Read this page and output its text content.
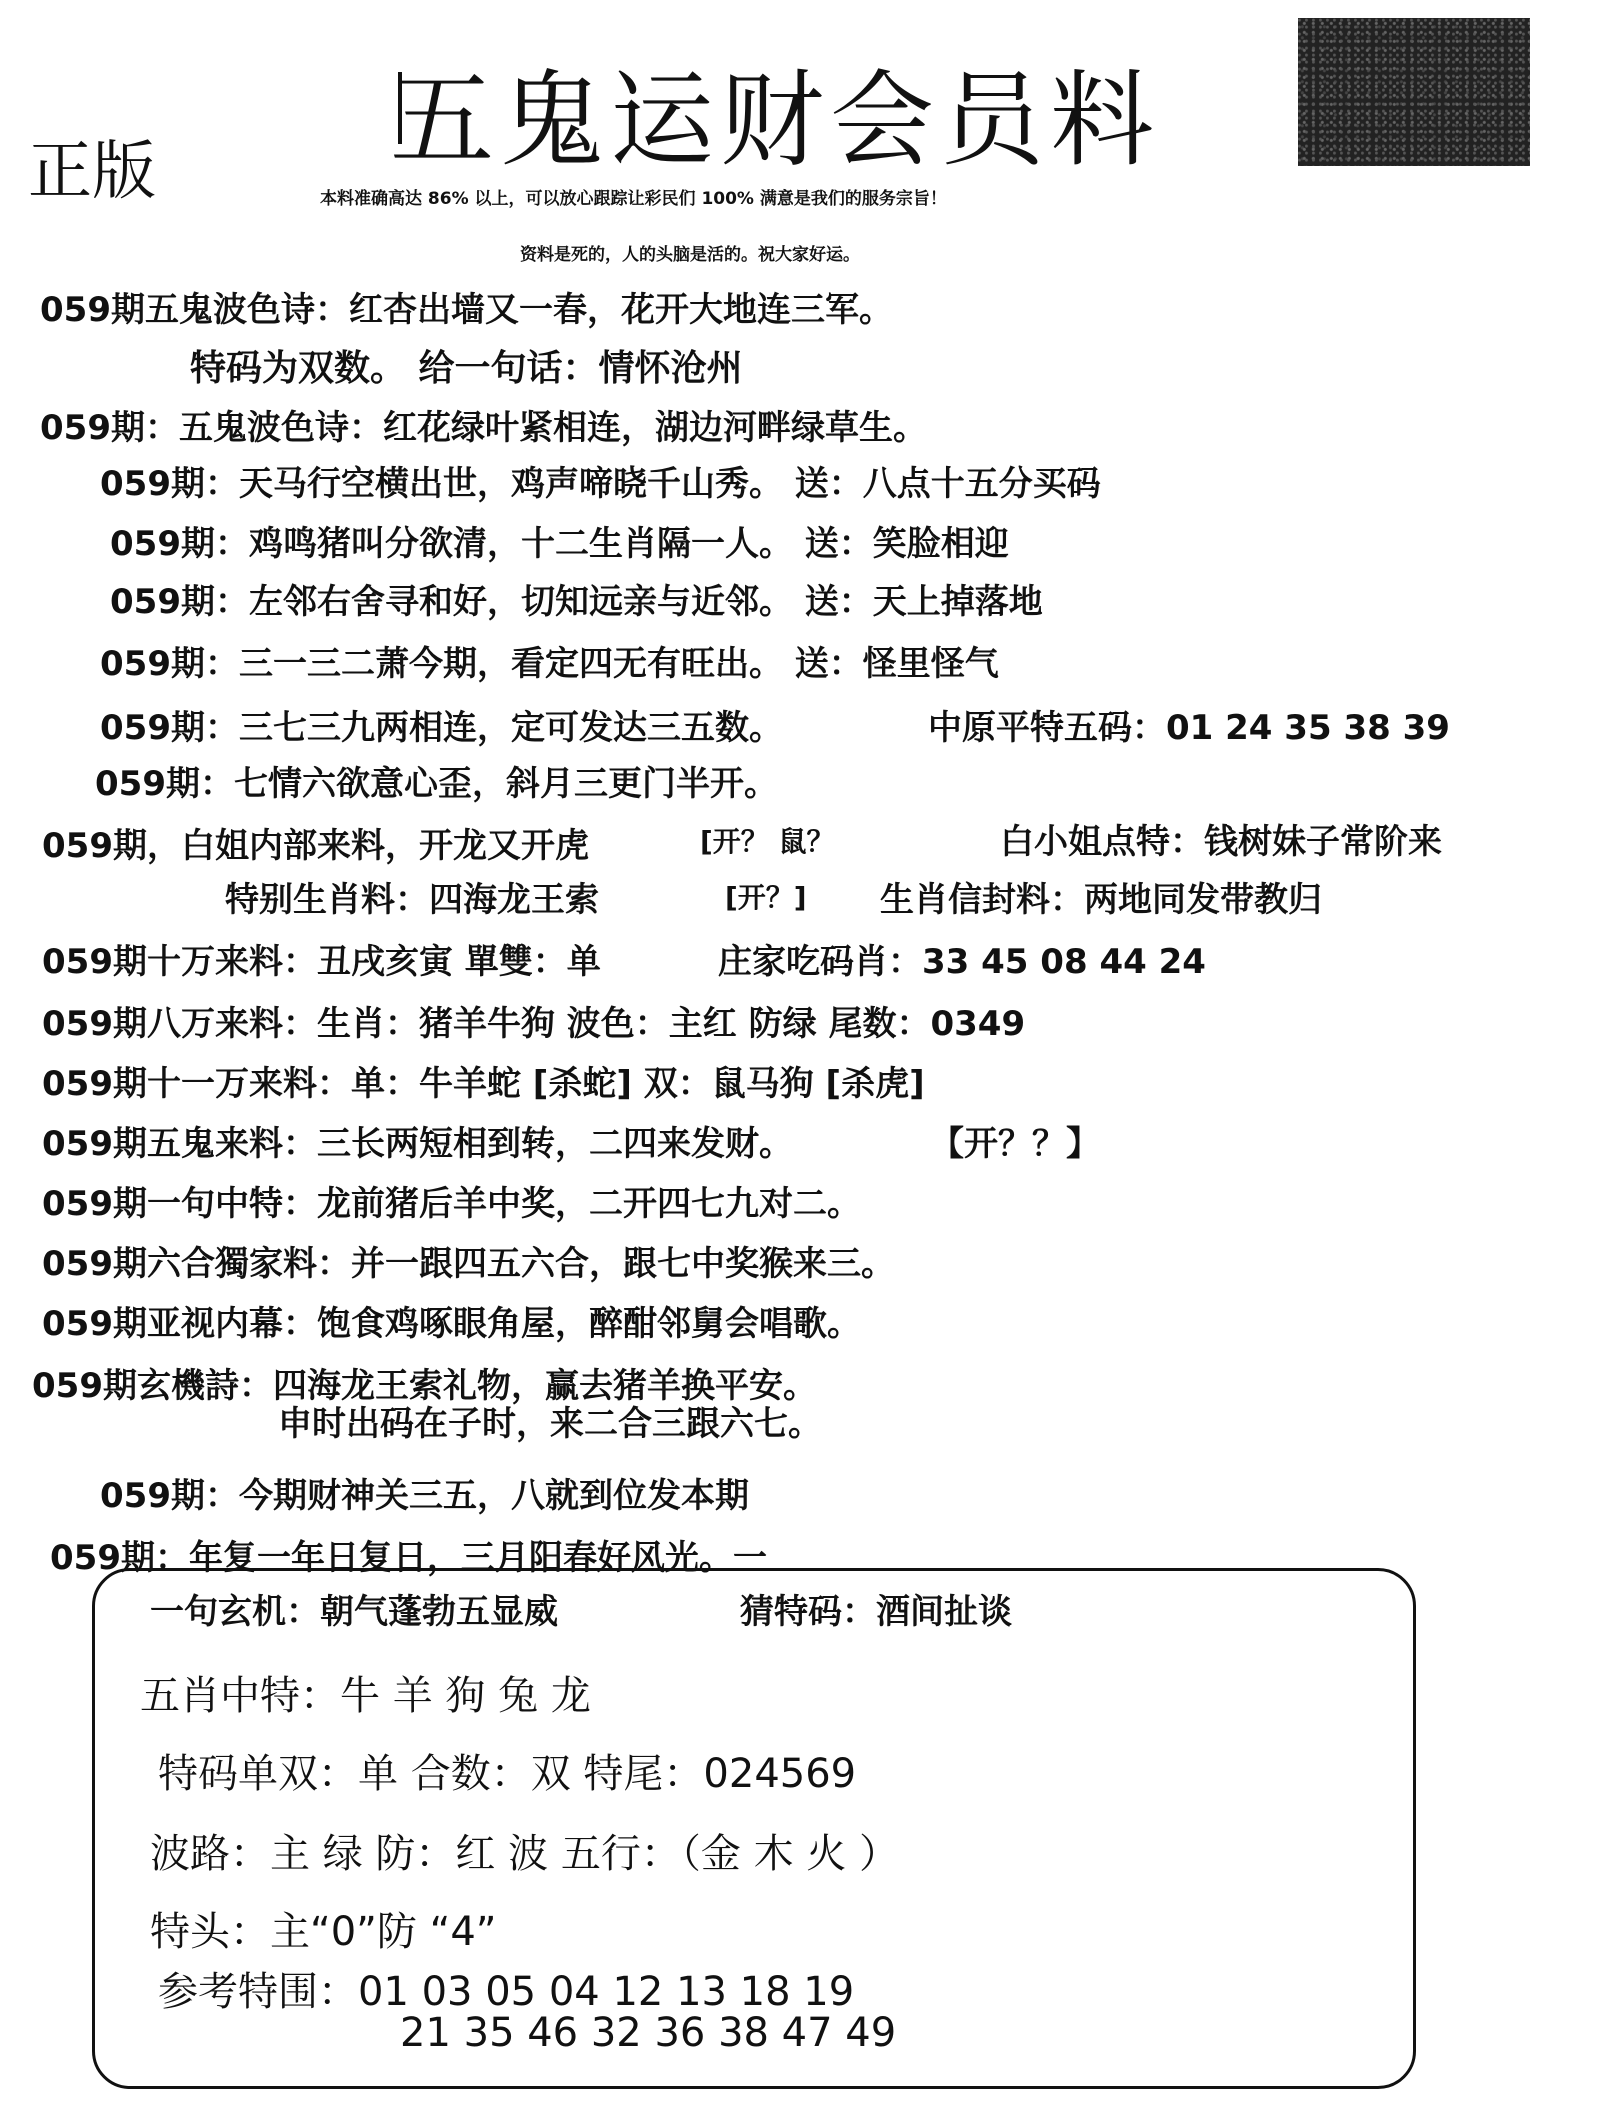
五鬼运财会员料
正版	本料准确高达 86% 以上，可以放心跟踪让彩民们 100% 满意是我们的服务宗旨！
资料是死的，人的头脑是活的。祝大家好运。
059期五鬼波色诗：红杏出墙又一春，花开大地连三军。
特码为双数。 给一句话：情怀沧州
059期：五鬼波色诗：红花绿叶紧相连，湖边河畔绿草生。
059期：天马行空横出世，鸡声啼晓千山秀。 送：八点十五分买码
059期：鸡鸣猪叫分欲清，十二生肖隔一人。 送：笑脸相迎
059期：左邻右舍寻和好，切知远亲与近邻。 送：天上掉落地
059期：三一三二萧今期，看定四无有旺出。 送：怪里怪气
059期：三七三九两相连，定可发达三五数。	中原平特五码：01 24 35 38 39
059期：七情六欲意心歪，斜月三更门半开。
059期，白姐内部来料，开龙又开虎	[开？ 鼠？	白小姐点特：钱树妹子常阶来
特别生肖料：四海龙王索	[开？] 生肖信封料：两地同发带教归
059期十万来料：丑戌亥寅 單雙：单	庄家吃码肖：33 45 08 44 24
059期八万来料：生肖：猪羊牛狗 波色：主红 防绿 尾数：0349
059期十一万来料：单：牛羊蛇 [杀蛇] 双：鼠马狗 [杀虎]
059期五鬼来料：三长两短相到转，二四来发财。	【开？？】
059期一句中特：龙前猪后羊中奖，二开四七九对二。
059期六合獨家料：并一跟四五六合，跟七中奖猴来三。
059期亚视内幕：饱食鸡啄眼角屋，醉酣邻舅会唱歌。
059期玄機詩：四海龙王索礼物，赢去猪羊换平安。
申时出码在子时，来二合三跟六七。
059期：今期财神关三五，八就到位发本期
059期：年复一年日复日，三月阳春好风光。一
一句玄机：朝气蓬勃五显威	猜特码：酒间扯谈
五肖中特：牛 羊 狗 兔 龙
特码单双：单 合数：双 特尾：024569
波路：主 绿 防：红 波 五行：（金 木 火 ）
特头：主“0”防 “4”
参考特围：01 03 05 04 12 13 18 19
21 35 46 32 36 38 47 49
